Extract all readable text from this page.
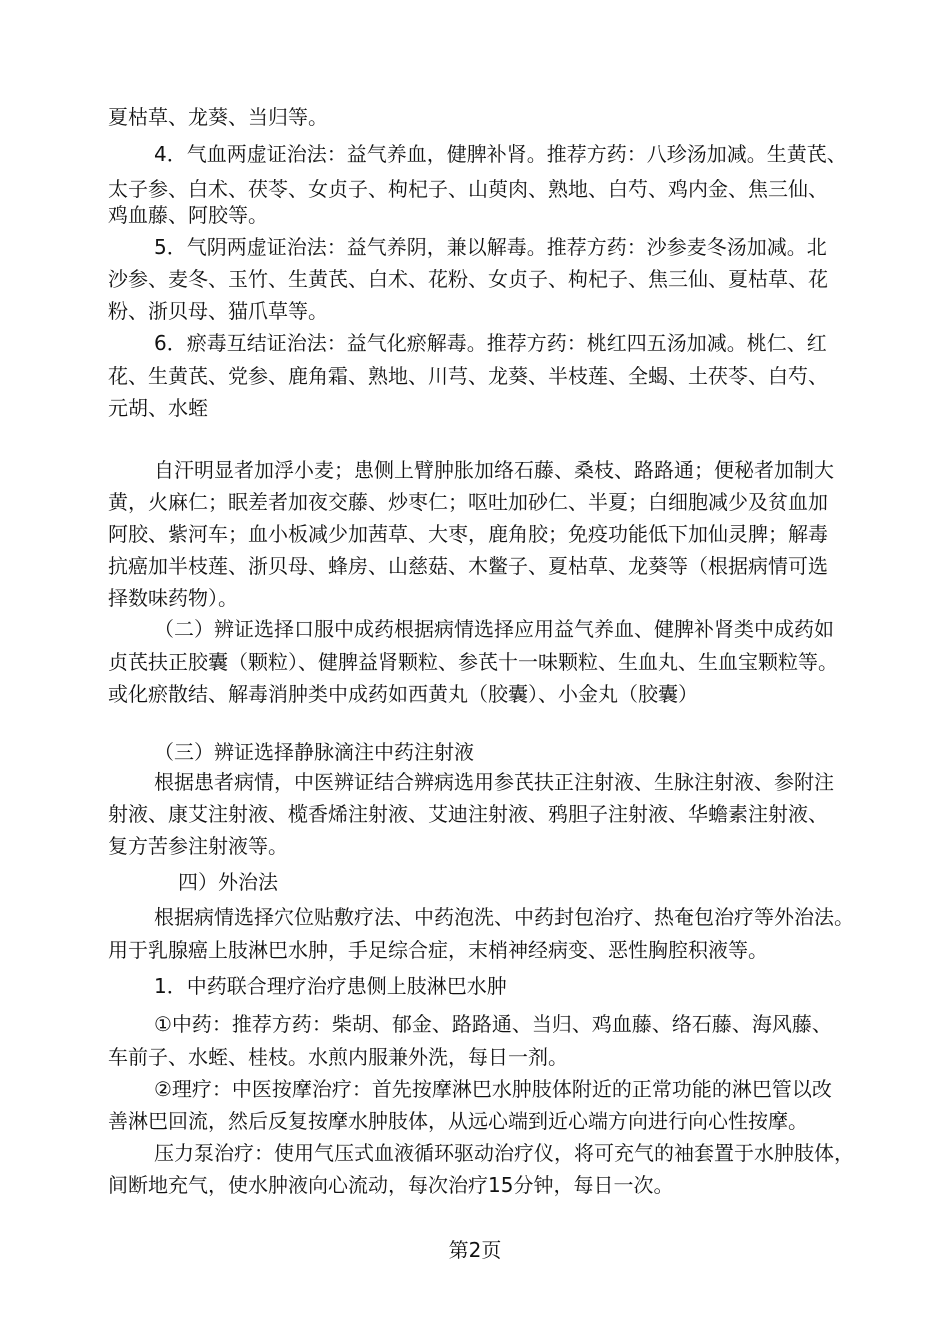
夏枯草、龙葵、当归等。
4．气血两虚证治法：益气养血，健脾补肾。推荐方药：八珍汤加减。生黄芪、
太子参、白术、茯苓、女贞子、枸杞子、山萸肉、熟地、白芍、鸡内金、焦三仙、
鸡血藤、阿胶等。
5．气阴两虚证治法：益气养阴，兼以解毒。推荐方药：沙参麦冬汤加减。北
沙参、麦冬、玉竹、生黄芪、白术、花粉、女贞子、枸杞子、焦三仙、夏枯草、花
粉、浙贝母、猫爪草等。
6．瘀毒互结证治法：益气化瘀解毒。推荐方药：桃红四五汤加减。桃仁、红
花、生黄芪、党参、鹿角霜、熟地、川芎、龙葵、半枝莲、全蝎、土茯苓、白芍、
元胡、水蛭
自汗明显者加浮小麦；患侧上臂肿胀加络石藤、桑枝、路路通；便秘者加制大
黄，火麻仁；眠差者加夜交藤、炒枣仁；呕吐加砂仁、半夏；白细胞减少及贫血加
阿胶、紫河车；血小板减少加茜草、大枣，鹿角胶；免疫功能低下加仙灵脾；解毒
抗癌加半枝莲、浙贝母、蜂房、山慈菇、木鳖子、夏枯草、龙葵等（根据病情可选
择数味药物）。
（二）辨证选择口服中成药根据病情选择应用益气养血、健脾补肾类中成药如
贞芪扶正胶囊（颗粒）、健脾益肾颗粒、参芪十一味颗粒、生血丸、生血宝颗粒等。
或化瘀散结、解毒消肿类中成药如西黄丸（胶囊）、小金丸（胶囊）
（三）辨证选择静脉滴注中药注射液
根据患者病情，中医辨证结合辨病选用参芪扶正注射液、生脉注射液、参附注
射液、康艾注射液、榄香烯注射液、艾迪注射液、鸦胆子注射液、华蟾素注射液、
复方苦参注射液等。
四）外治法
根据病情选择穴位贴敷疗法、中药泡洗、中药封包治疗、热奄包治疗等外治法。
用于乳腺癌上肢淋巴水肿，手足综合症，末梢神经病变、恶性胸腔积液等。
1．中药联合理疗治疗患侧上肢淋巴水肿
①中药：推荐方药：柴胡、郁金、路路通、当归、鸡血藤、络石藤、海风藤、
车前子、水蛭、桂枝。水煎内服兼外洗，每日一剂。
②理疗：中医按摩治疗：首先按摩淋巴水肿肢体附近的正常功能的淋巴管以改
善淋巴回流，然后反复按摩水肿肢体，从远心端到近心端方向进行向心性按摩。
压力泵治疗：使用气压式血液循环驱动治疗仪，将可充气的袖套置于水肿肢体，
间断地充气，使水肿液向心流动，每次治疗15分钟，每日一次。
第2页
